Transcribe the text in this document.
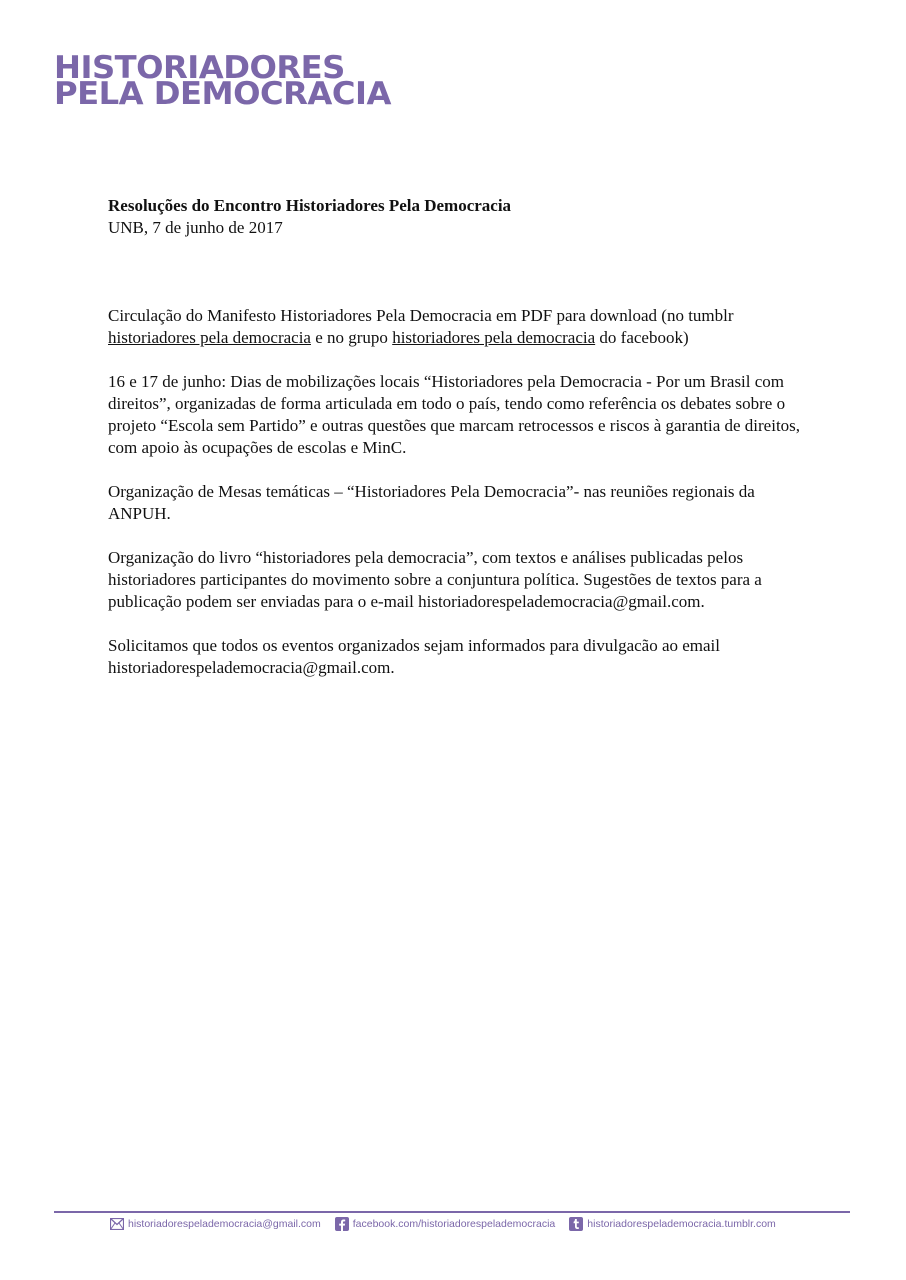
HISTORIADORES
PELA DEMOCRACIA

Resoluções do Encontro Historiadores Pela Democracia

UNB, 7 de junho de 2017

Circulação do Manifesto Historiadores Pela Democracia em PDF para download (no tumblr historiadores pela democracia e no grupo historiadores pela democracia do facebook)

16 e 17 de junho: Dias de mobilizações locais “Historiadores pela Democracia - Por um Brasil com direitos”, organizadas de forma articulada em todo o país, tendo como referência os debates sobre o projeto “Escola sem Partido” e outras questões que marcam retrocessos e riscos à garantia de direitos, com apoio às ocupações de escolas e MinC.

Organização de Mesas temáticas – “Historiadores Pela Democracia”- nas reuniões regionais da ANPUH.

Organização do livro “historiadores pela democracia”, com textos e análises publicadas pelos historiadores participantes do movimento sobre a conjuntura política. Sugestões de textos para a publicação podem ser enviadas para o e-mail historiadorespelademocracia@gmail.com.

Solicitamos que todos os eventos organizados sejam informados para divulgacão ao email historiadorespelademocracia@gmail.com.

historiadorespelademocracia@gmail.com	facebook.com/historiadorespelademocracia	historiadorespelademocracia.tumblr.com
